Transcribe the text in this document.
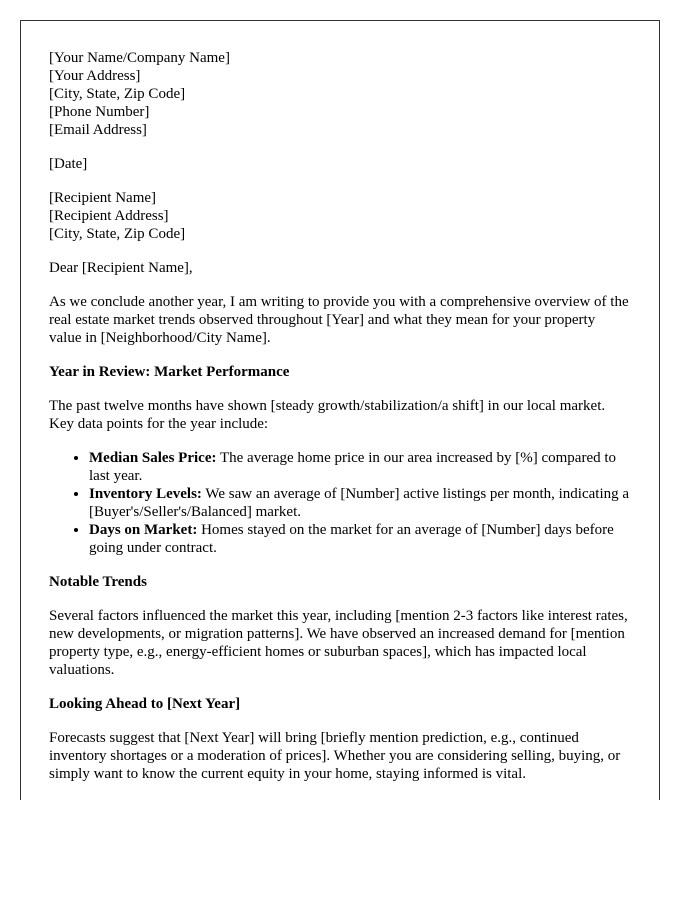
[Your Name/Company Name]
[Your Address]
[City, State, Zip Code]
[Phone Number]
[Email Address]
[Date]
[Recipient Name]
[Recipient Address]
[City, State, Zip Code]

Dear [Recipient Name],

As we conclude another year, I am writing to provide you with a comprehensive overview of the real estate market trends observed throughout [Year] and what they mean for your property value in [Neighborhood/City Name].

Year in Review: Market Performance

The past twelve months have shown [steady growth/stabilization/a shift] in our local market. Key data points for the year include:

• Median Sales Price: The average home price in our area increased by [%] compared to last year.
• Inventory Levels: We saw an average of [Number] active listings per month, indicating a [Buyer's/Seller's/Balanced] market.
• Days on Market: Homes stayed on the market for an average of [Number] days before going under contract.

Notable Trends

Several factors influenced the market this year, including [mention 2-3 factors like interest rates, new developments, or migration patterns]. We have observed an increased demand for [mention property type, e.g., energy-efficient homes or suburban spaces], which has impacted local valuations.

Looking Ahead to [Next Year]

Forecasts suggest that [Next Year] will bring [briefly mention prediction, e.g., continued inventory shortages or a moderation of prices]. Whether you are considering selling, buying, or simply want to know the current equity in your home, staying informed is vital.
